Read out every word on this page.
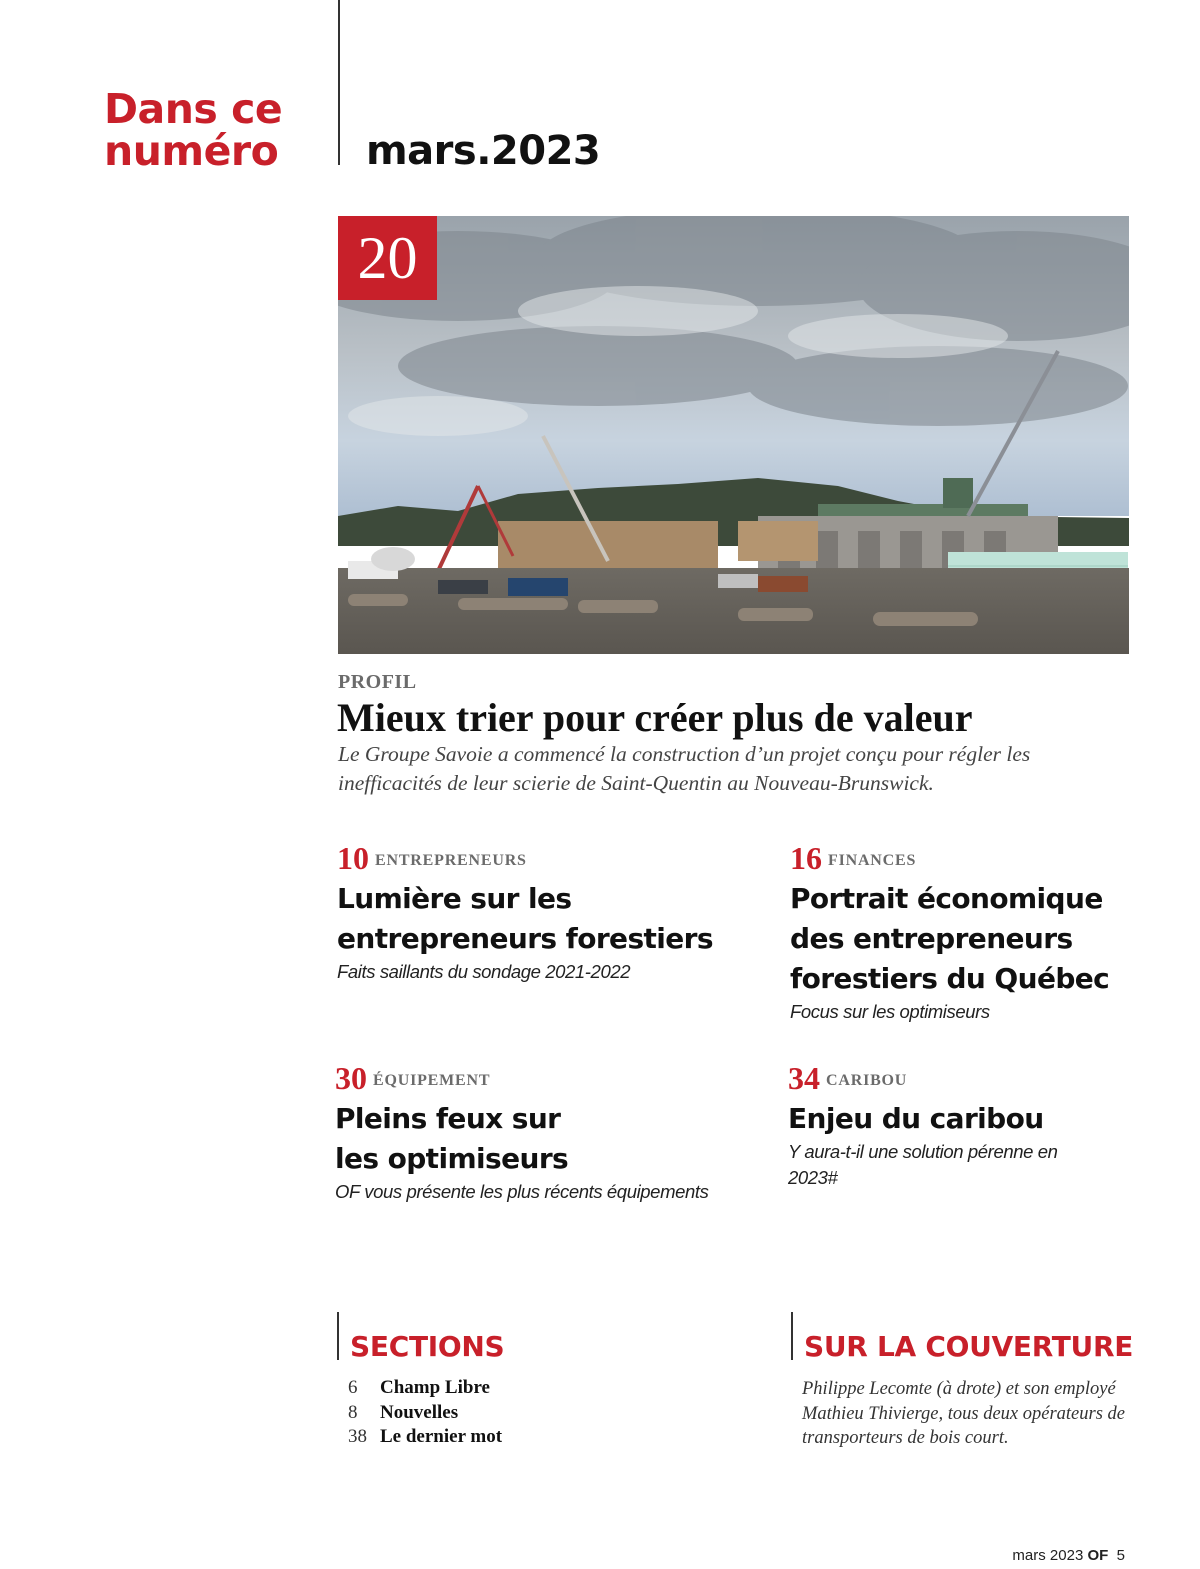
Dans ce numéro	mars.2023
20
PROFIL
Mieux trier pour créer plus de valeur
Le Groupe Savoie a commencé la construction d’un projet conçu pour régler les inefficacités de leur scierie de Saint-Quentin au Nouveau-Brunswick.
10 ENTREPRENEURS
Lumière sur les entrepreneurs forestiers
Faits saillants du sondage 2021-2022
16 FINANCES
Portrait économique des entrepreneurs forestiers du Québec
Focus sur les optimiseurs
30 ÉQUIPEMENT
Pleins feux sur les optimiseurs
OF vous présente les plus récents équipements
34 CARIBOU
Enjeu du caribou
Y aura-t-il une solution pérenne en 2023#
SECTIONS
6 Champ Libre
8 Nouvelles
38 Le dernier mot
SUR LA COUVERTURE
Philippe Lecomte (à drote) et son employé Mathieu Thivierge, tous deux opérateurs de transporteurs de bois court.
mars 2023 OF 5
